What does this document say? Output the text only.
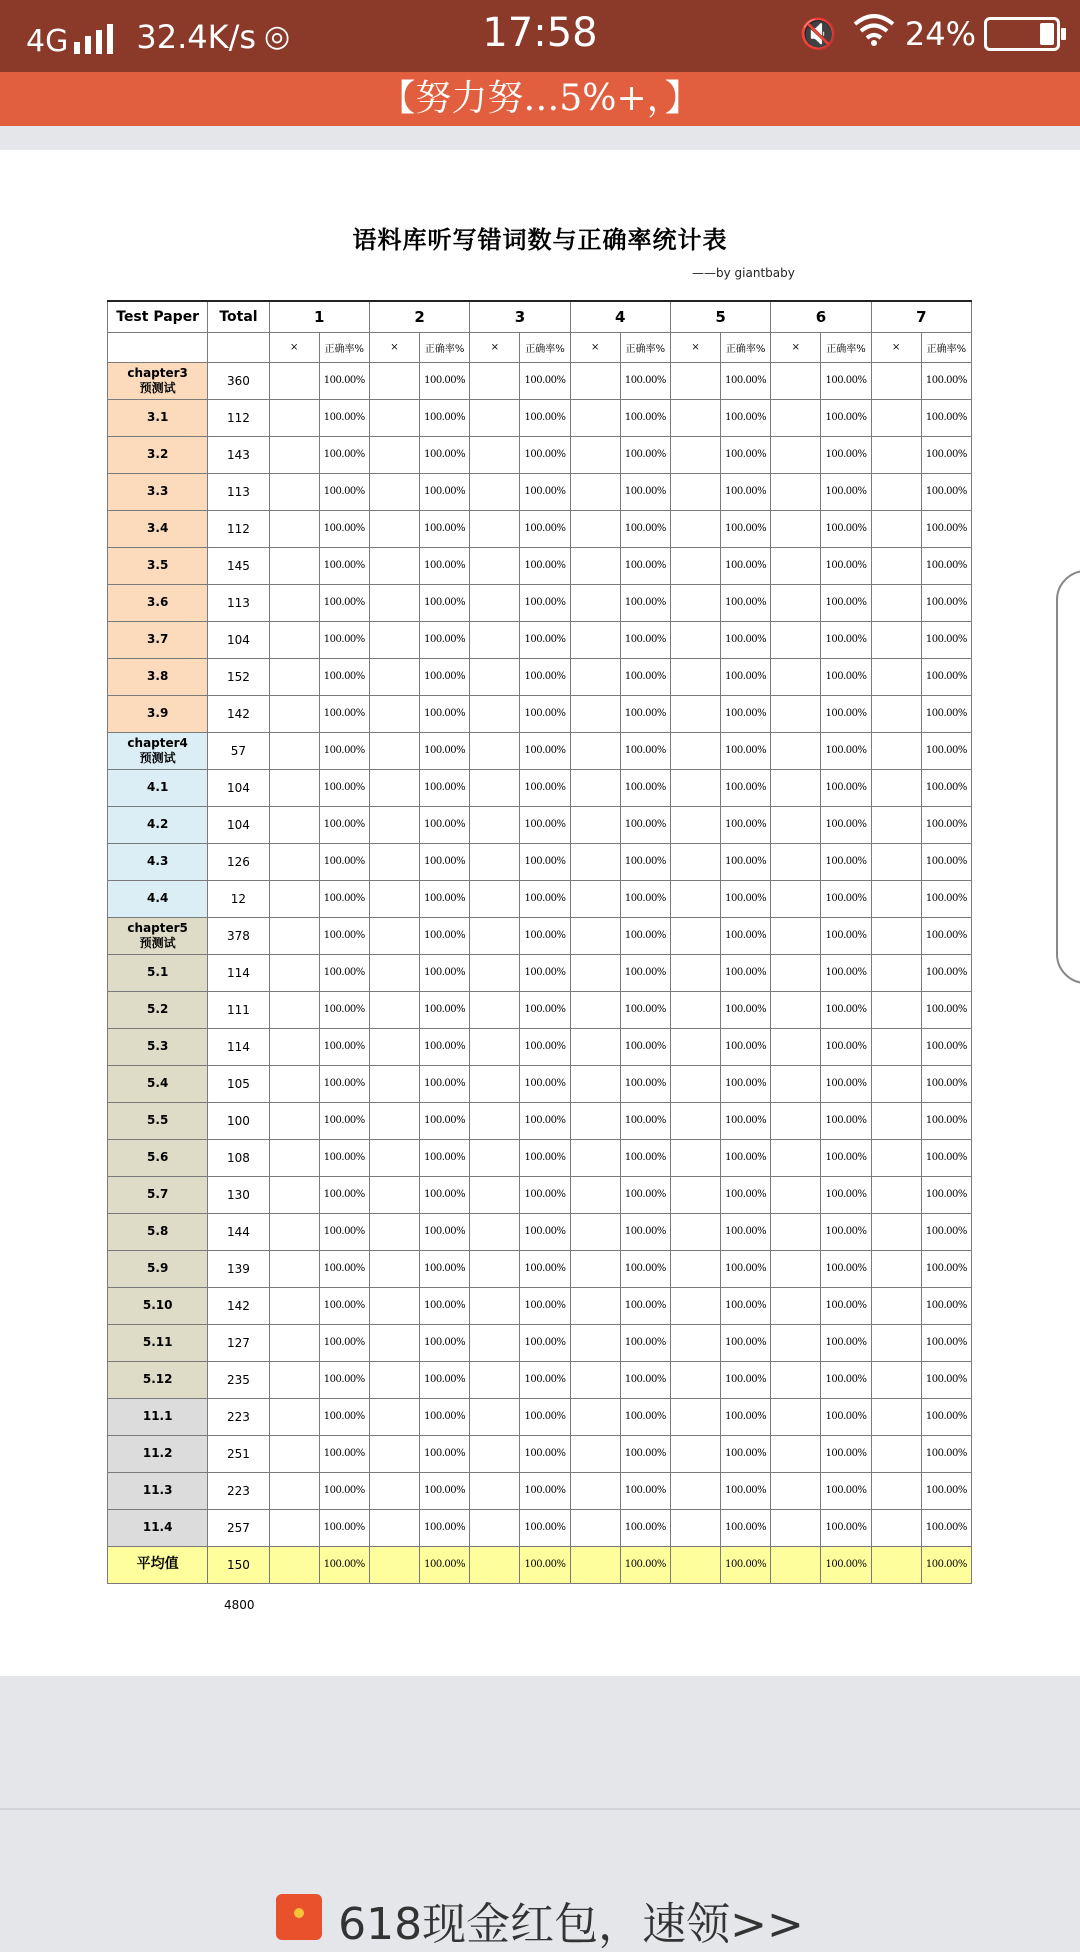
4G 32.4K/s ◎	17:58	🔇 24%
【努力努…5%+，】
语料库听写错词数与正确率统计表
——by giantbaby
Test Paper	Total	1		2		3		4		5		6		7	
		×	正确率%	×	正确率%	×	正确率%	×	正确率%	×	正确率%	×	正确率%	×	正确率%
chapter3
预测试	360		100.00%		100.00%		100.00%		100.00%		100.00%		100.00%		100.00%
3.1	112		100.00%		100.00%		100.00%		100.00%		100.00%		100.00%		100.00%
3.2	143		100.00%		100.00%		100.00%		100.00%		100.00%		100.00%		100.00%
3.3	113		100.00%		100.00%		100.00%		100.00%		100.00%		100.00%		100.00%
3.4	112		100.00%		100.00%		100.00%		100.00%		100.00%		100.00%		100.00%
3.5	145		100.00%		100.00%		100.00%		100.00%		100.00%		100.00%		100.00%
3.6	113		100.00%		100.00%		100.00%		100.00%		100.00%		100.00%		100.00%
3.7	104		100.00%		100.00%		100.00%		100.00%		100.00%		100.00%		100.00%
3.8	152		100.00%		100.00%		100.00%		100.00%		100.00%		100.00%		100.00%
3.9	142		100.00%		100.00%		100.00%		100.00%		100.00%		100.00%		100.00%
chapter4
预测试	57		100.00%		100.00%		100.00%		100.00%		100.00%		100.00%		100.00%
4.1	104		100.00%		100.00%		100.00%		100.00%		100.00%		100.00%		100.00%
4.2	104		100.00%		100.00%		100.00%		100.00%		100.00%		100.00%		100.00%
4.3	126		100.00%		100.00%		100.00%		100.00%		100.00%		100.00%		100.00%
4.4	12		100.00%		100.00%		100.00%		100.00%		100.00%		100.00%		100.00%
chapter5
预测试	378		100.00%		100.00%		100.00%		100.00%		100.00%		100.00%		100.00%
5.1	114		100.00%		100.00%		100.00%		100.00%		100.00%		100.00%		100.00%
5.2	111		100.00%		100.00%		100.00%		100.00%		100.00%		100.00%		100.00%
5.3	114		100.00%		100.00%		100.00%		100.00%		100.00%		100.00%		100.00%
5.4	105		100.00%		100.00%		100.00%		100.00%		100.00%		100.00%		100.00%
5.5	100		100.00%		100.00%		100.00%		100.00%		100.00%		100.00%		100.00%
5.6	108		100.00%		100.00%		100.00%		100.00%		100.00%		100.00%		100.00%
5.7	130		100.00%		100.00%		100.00%		100.00%		100.00%		100.00%		100.00%
5.8	144		100.00%		100.00%		100.00%		100.00%		100.00%		100.00%		100.00%
5.9	139		100.00%		100.00%		100.00%		100.00%		100.00%		100.00%		100.00%
5.10	142		100.00%		100.00%		100.00%		100.00%		100.00%		100.00%		100.00%
5.11	127		100.00%		100.00%		100.00%		100.00%		100.00%		100.00%		100.00%
5.12	235		100.00%		100.00%		100.00%		100.00%		100.00%		100.00%		100.00%
11.1	223		100.00%		100.00%		100.00%		100.00%		100.00%		100.00%		100.00%
11.2	251		100.00%		100.00%		100.00%		100.00%		100.00%		100.00%		100.00%
11.3	223		100.00%		100.00%		100.00%		100.00%		100.00%		100.00%		100.00%
11.4	257		100.00%		100.00%		100.00%		100.00%		100.00%		100.00%		100.00%
平均值	150		100.00%		100.00%		100.00%		100.00%		100.00%		100.00%		100.00%
4800
618现金红包，速领>>
